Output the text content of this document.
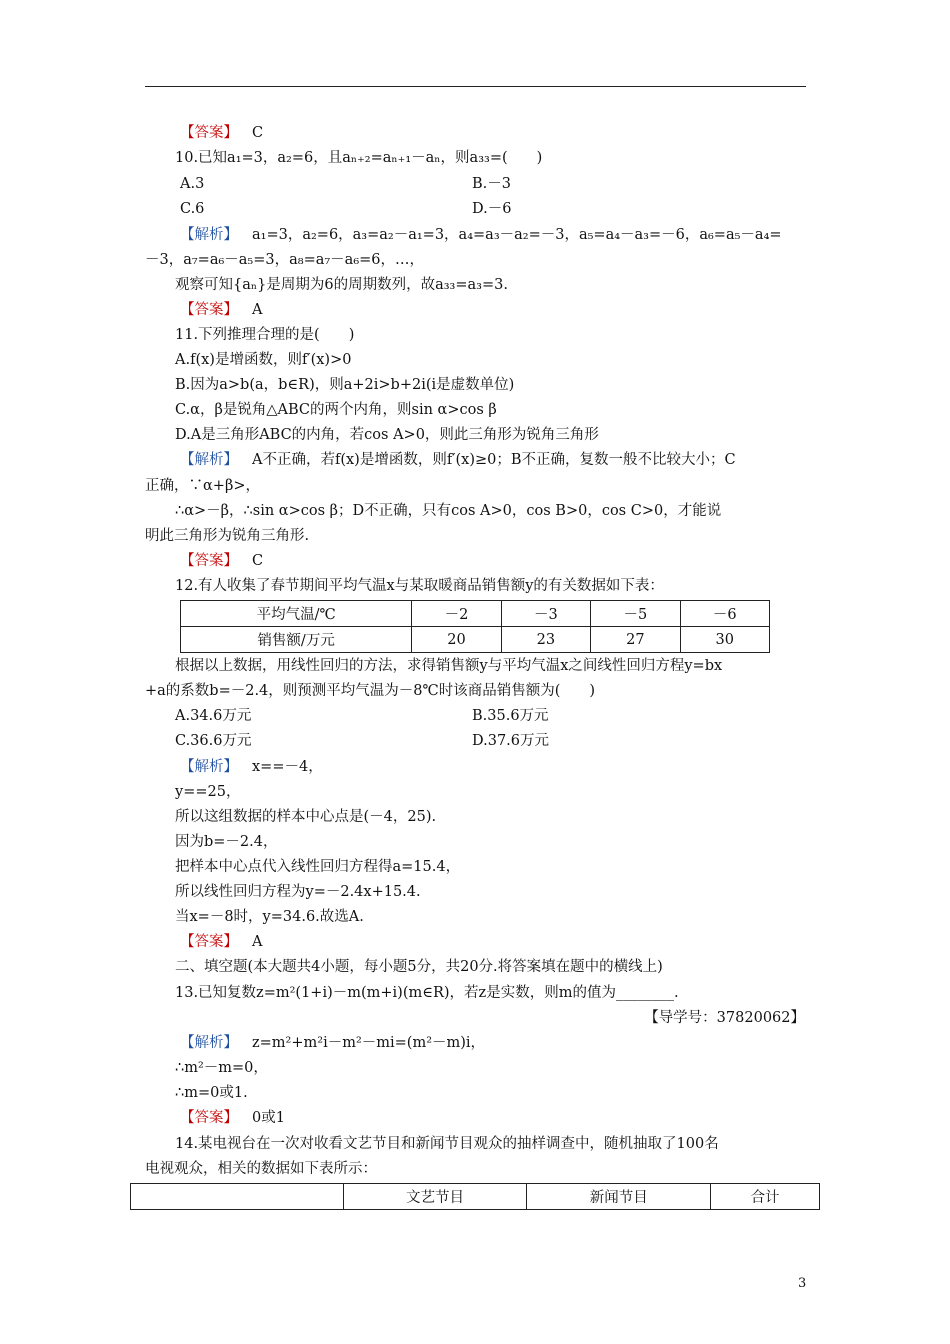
【答案】 C
10.已知a₁=3，a₂=6，且aₙ₊₂=aₙ₊₁－aₙ，则a₃₃=(　　)
A.3	B.－3
C.6	D.－6
【解析】 a₁=3，a₂=6，a₃=a₂－a₁=3，a₄=a₃－a₂=－3，a₅=a₄－a₃=－6，a₆=a₅－a₄=
－3，a₇=a₆－a₅=3，a₈=a₇－a₆=6，…，
观察可知{aₙ}是周期为6的周期数列，故a₃₃=a₃=3.
【答案】 A
11.下列推理合理的是(　　)
A.f(x)是增函数，则f′(x)>0
B.因为a>b(a，b∈R)，则a+2i>b+2i(i是虚数单位)
C.α，β是锐角△ABC的两个内角，则sin α>cos β
D.A是三角形ABC的内角，若cos A>0，则此三角形为锐角三角形
【解析】 A不正确，若f(x)是增函数，则f′(x)≥0；B不正确，复数一般不比较大小；C
正确，∵α+β>，
∴α>－β，∴sin α>cos β；D不正确，只有cos A>0，cos B>0，cos C>0，才能说
明此三角形为锐角三角形.
【答案】 C
12.有人收集了春节期间平均气温x与某取暖商品销售额y的有关数据如下表：
根据以上数据，用线性回归的方法，求得销售额y与平均气温x之间线性回归方程y=bx
+a的系数b=－2.4，则预测平均气温为－8℃时该商品销售额为(　　)
A.34.6万元	B.35.6万元
C.36.6万元	D.37.6万元
【解析】 x==－4，
y==25，
所以这组数据的样本中心点是(－4，25).
因为b=－2.4，
把样本中心点代入线性回归方程得a=15.4，
所以线性回归方程为y=－2.4x+15.4.
当x=－8时，y=34.6.故选A.
【答案】 A
二、填空题(本大题共4小题，每小题5分，共20分.将答案填在题中的横线上)
13.已知复数z=m²(1+i)－m(m+i)(m∈R)，若z是实数，则m的值为________.
【解析】 z=m²+m²i－m²－mi=(m²－m)i，
∴m²－m=0，
∴m=0或1.
【答案】 0或1
14.某电视台在一次对收看文艺节目和新闻节目观众的抽样调查中，随机抽取了100名
电视观众，相关的数据如下表所示：
【导学号：37820062】
平均气温/℃	－2	－3	－5	－6
销售额/万元	20	23	27	30
	文艺节目	新闻节目	合计
3
